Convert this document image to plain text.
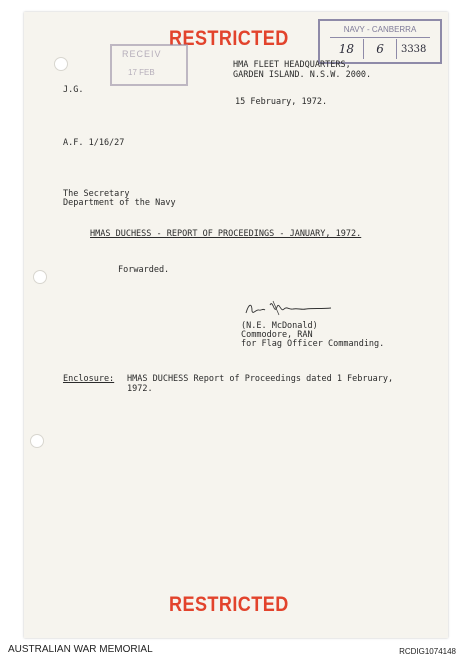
RESTRICTED
RECEIV
17 FEB
NAVY - CANBERRA
18	6	3338
HMA FLEET HEADQUARTERS,
GARDEN ISLAND. N.S.W. 2000.
J.G.
15 February, 1972.
A.F. 1/16/27
The Secretary
Department of the Navy
HMAS DUCHESS - REPORT OF PROCEEDINGS - JANUARY, 1972.
Forwarded.
(N.E. McDonald)
Commodore, RAN
for Flag Officer Commanding.
Enclosure: HMAS DUCHESS Report of Proceedings dated 1 February,
1972.
RESTRICTED
AUSTRALIAN WAR MEMORIAL	RCDIG1074148
